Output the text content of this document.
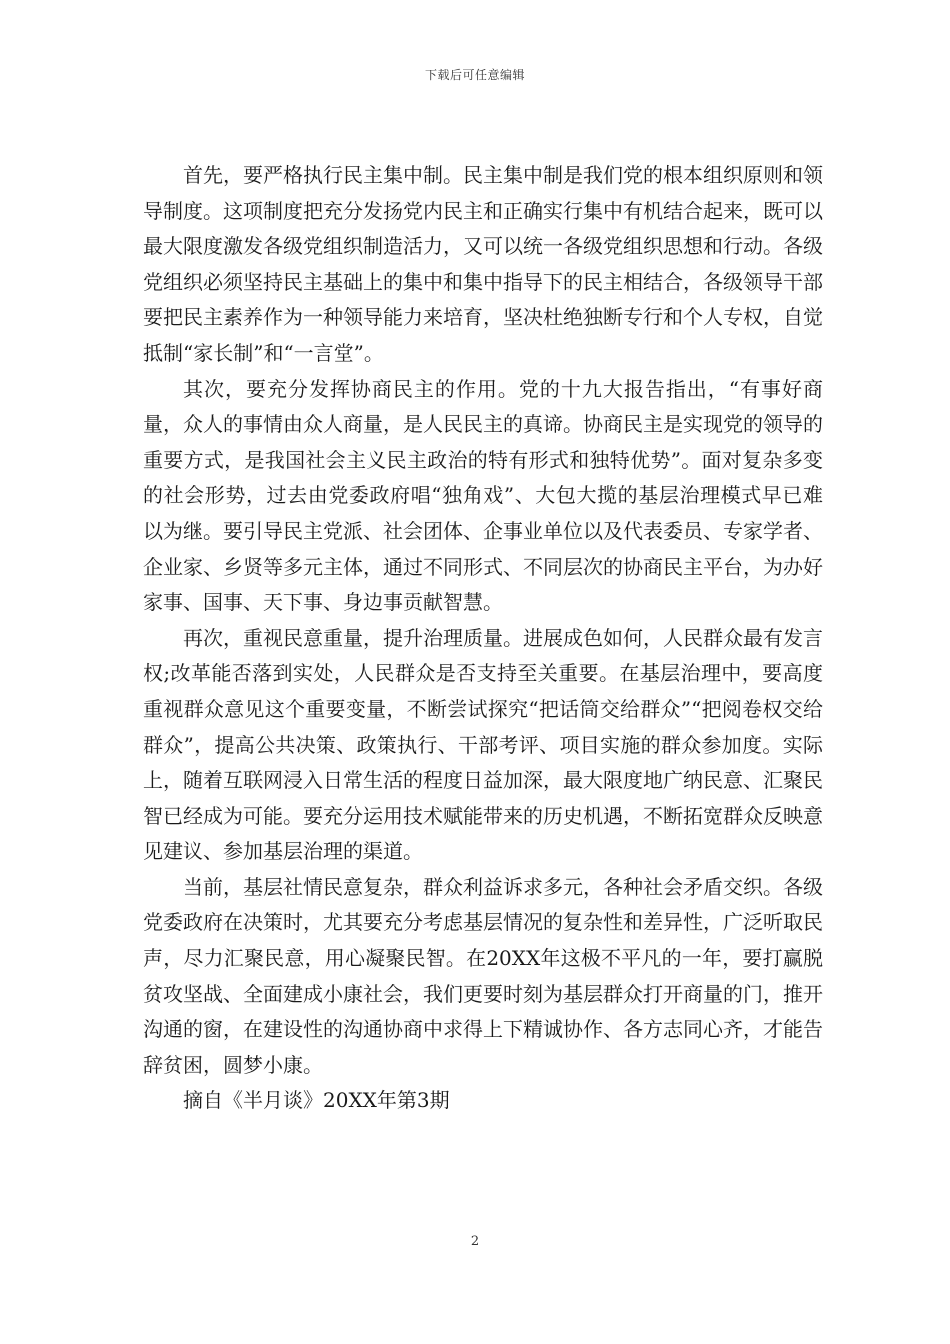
下载后可任意编辑

首先，要严格执行民主集中制。民主集中制是我们党的根本组织原则和领导制度。这项制度把充分发扬党内民主和正确实行集中有机结合起来，既可以最大限度激发各级党组织制造活力，又可以统一各级党组织思想和行动。各级党组织必须坚持民主基础上的集中和集中指导下的民主相结合，各级领导干部要把民主素养作为一种领导能力来培育，坚决杜绝独断专行和个人专权，自觉抵制“家长制”和“一言堂”。

其次，要充分发挥协商民主的作用。党的十九大报告指出，“有事好商量，众人的事情由众人商量，是人民民主的真谛。协商民主是实现党的领导的重要方式，是我国社会主义民主政治的特有形式和独特优势”。面对复杂多变的社会形势，过去由党委政府唱“独角戏”、大包大揽的基层治理模式早已难以为继。要引导民主党派、社会团体、企事业单位以及代表委员、专家学者、企业家、乡贤等多元主体，通过不同形式、不同层次的协商民主平台，为办好家事、国事、天下事、身边事贡献智慧。

再次，重视民意重量，提升治理质量。进展成色如何，人民群众最有发言权;改革能否落到实处，人民群众是否支持至关重要。在基层治理中，要高度重视群众意见这个重要变量，不断尝试探究“把话筒交给群众”“把阅卷权交给群众”，提高公共决策、政策执行、干部考评、项目实施的群众参加度。实际上，随着互联网浸入日常生活的程度日益加深，最大限度地广纳民意、汇聚民智已经成为可能。要充分运用技术赋能带来的历史机遇，不断拓宽群众反映意见建议、参加基层治理的渠道。

当前，基层社情民意复杂，群众利益诉求多元，各种社会矛盾交织。各级党委政府在决策时，尤其要充分考虑基层情况的复杂性和差异性，广泛听取民声，尽力汇聚民意，用心凝聚民智。在20XX年这极不平凡的一年，要打赢脱贫攻坚战、全面建成小康社会，我们更要时刻为基层群众打开商量的门，推开沟通的窗，在建设性的沟通协商中求得上下精诚协作、各方志同心齐，才能告辞贫困，圆梦小康。

摘自《半月谈》20XX年第3期

2
